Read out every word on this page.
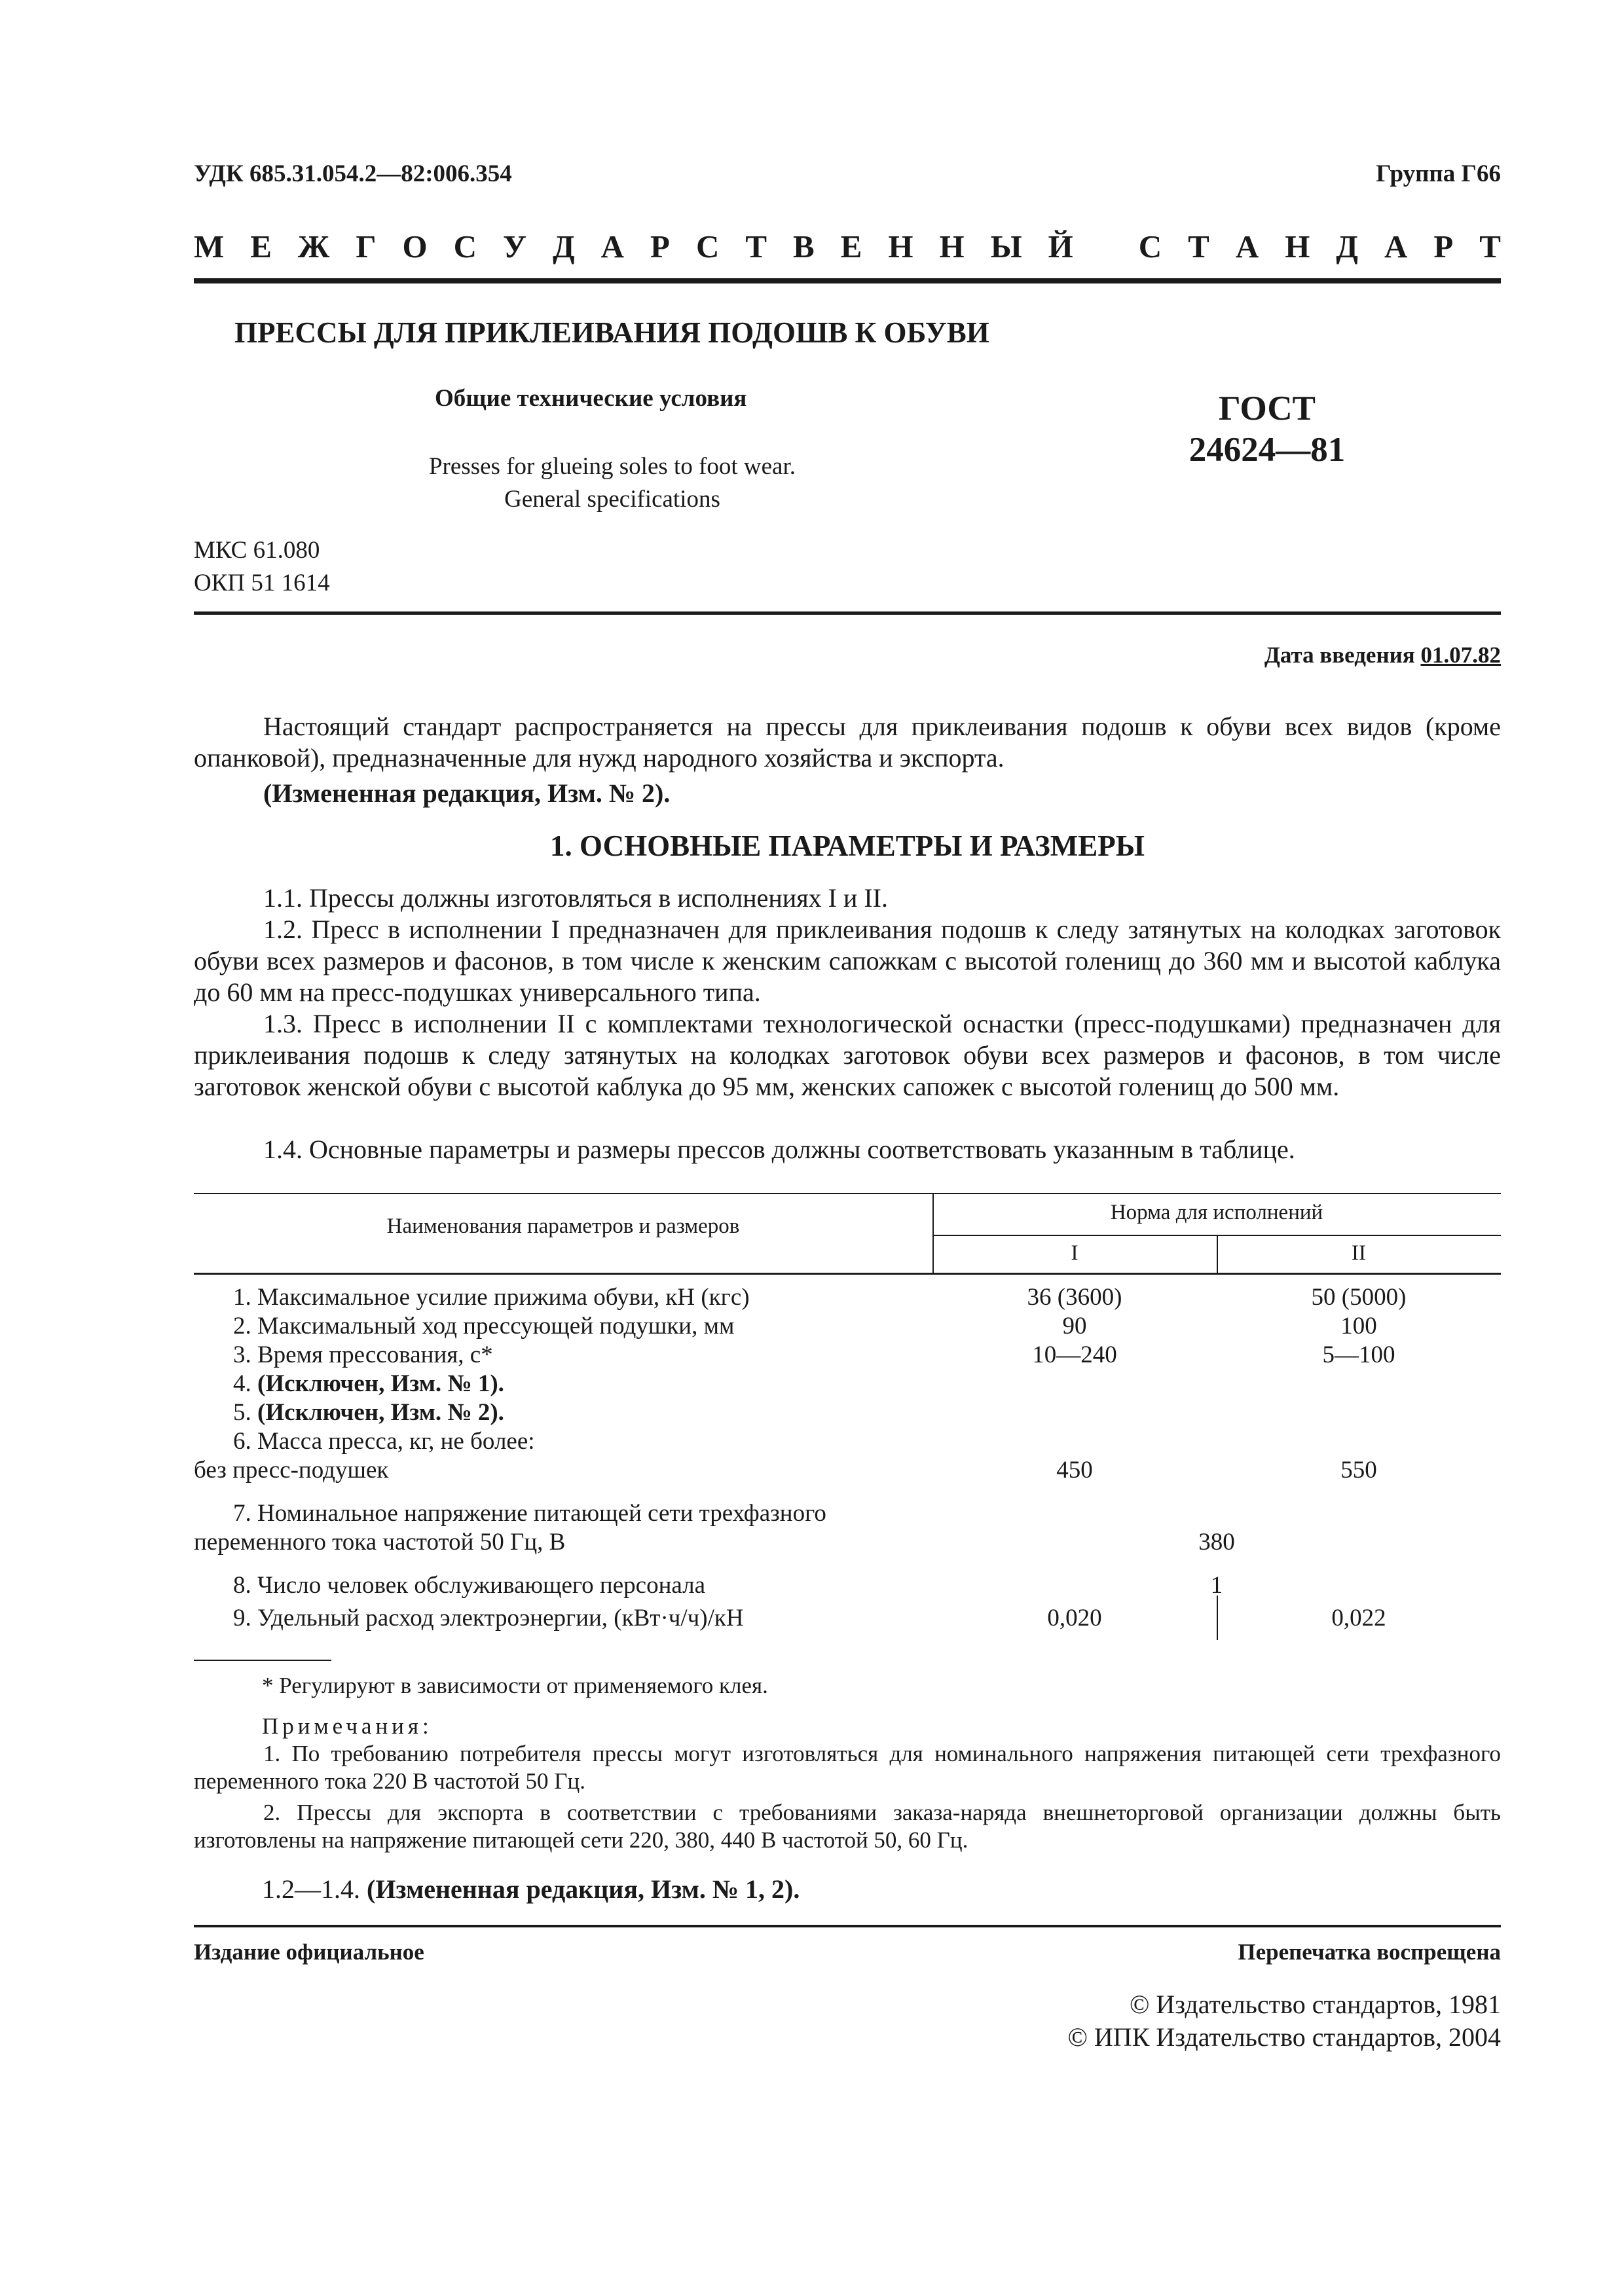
УДК 685.31.054.2—82:006.354	Группа Г66
М Е Ж Г О С У Д А Р С Т В Е Н Н Ы Й С Т А Н Д А Р Т
ПРЕССЫ ДЛЯ ПРИКЛЕИВАНИЯ ПОДОШВ К ОБУВИ
Общие технические условия
Presses for glueing soles to foot wear.
General specifications
ГОСТ
24624—81
МКС 61.080
ОКП 51 1614
Дата введения 01.07.82
Настоящий стандарт распространяется на прессы для приклеивания подошв к обуви всех видов (кроме опанковой), предназначенные для нужд народного хозяйства и экспорта.
(Измененная редакция, Изм. № 2).
1. ОСНОВНЫЕ ПАРАМЕТРЫ И РАЗМЕРЫ
1.1. Прессы должны изготовляться в исполнениях I и II.
1.2. Пресс в исполнении I предназначен для приклеивания подошв к следу затянутых на колодках заготовок обуви всех размеров и фасонов, в том числе к женским сапожкам с высотой голенищ до 360 мм и высотой каблука до 60 мм на пресс-подушках универсального типа.
1.3. Пресс в исполнении II с комплектами технологической оснастки (пресс-подушками) предназначен для приклеивания подошв к следу затянутых на колодках заготовок обуви всех размеров и фасонов, в том числе заготовок женской обуви с высотой каблука до 95 мм, женских сапожек с высотой голенищ до 500 мм.
1.4. Основные параметры и размеры прессов должны соответствовать указанным в таблице.
Наименования параметров и размеров
Норма для исполнений
I	II
1. Максимальное усилие прижима обуви, кН (кгс)	36 (3600)	50 (5000)
2. Максимальный ход прессующей подушки, мм	90	100
3. Время прессования, с*	10—240	5—100
4. (Исключен, Изм. № 1).
5. (Исключен, Изм. № 2).
6. Масса пресса, кг, не более:
без пресс-подушек	450	550
7. Номинальное напряжение питающей сети трехфазного
переменного тока частотой 50 Гц, В	380
8. Число человек обслуживающего персонала	1
9. Удельный расход электроэнергии, (кВт·ч/ч)/кН	0,020	0,022
* Регулируют в зависимости от применяемого клея.
Примечания:
1. По требованию потребителя прессы могут изготовляться для номинального напряжения питающей сети трехфазного переменного тока 220 В частотой 50 Гц.
2. Прессы для экспорта в соответствии с требованиями заказа-наряда внешнеторговой организации должны быть изготовлены на напряжение питающей сети 220, 380, 440 В частотой 50, 60 Гц.
1.2—1.4. (Измененная редакция, Изм. № 1, 2).
Издание официальное	Перепечатка воспрещена
© Издательство стандартов, 1981
© ИПК Издательство стандартов, 2004
